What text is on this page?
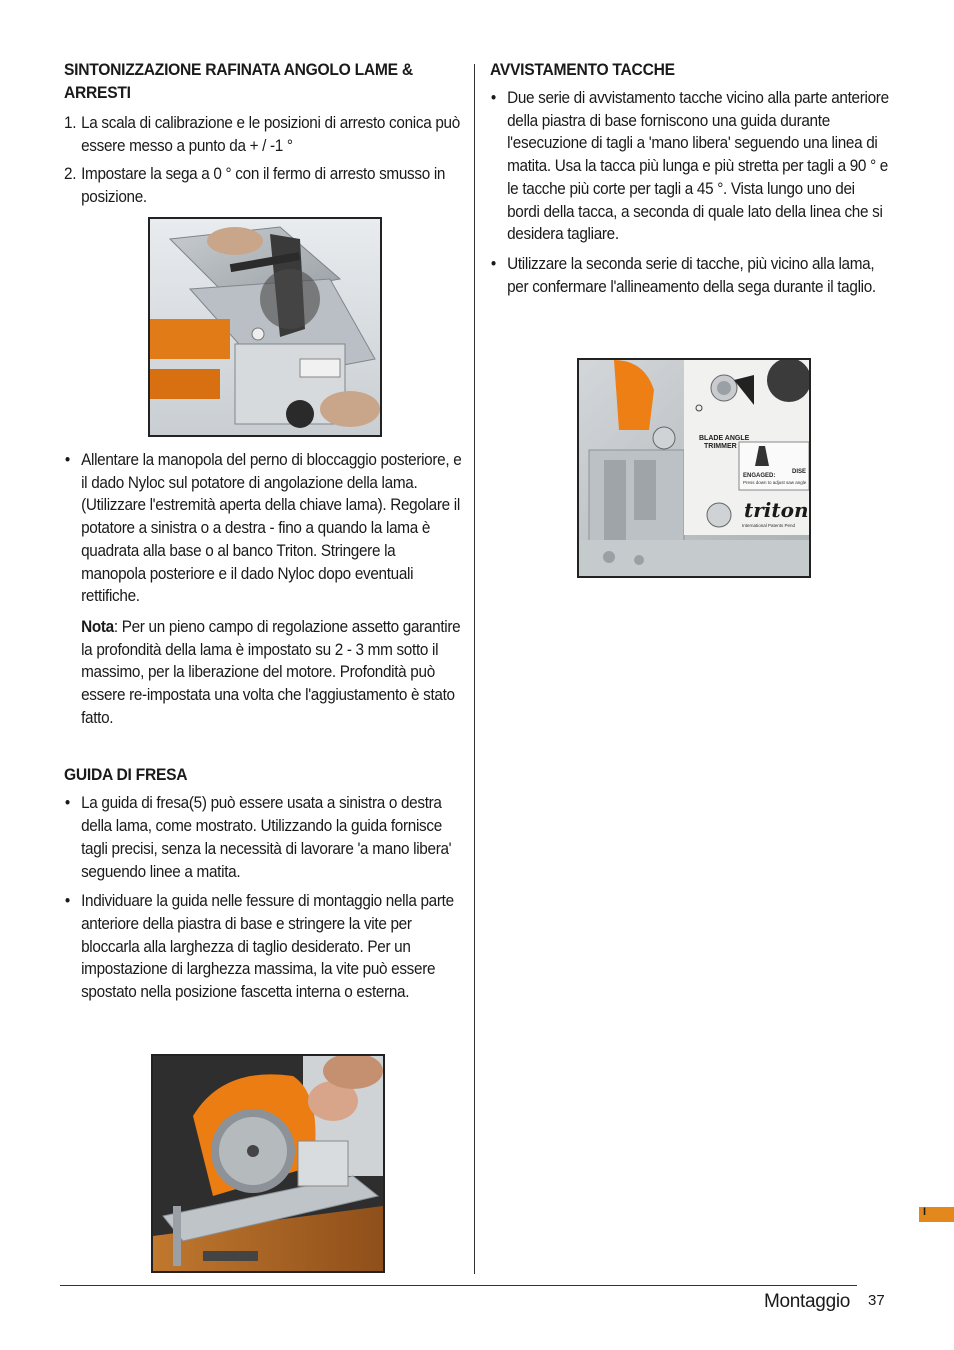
SINTONIZZAZIONE RAFINATA ANGOLO LAME & ARRESTI
1. La scala di calibrazione e le posizioni di arresto conica può essere messo a punto da + / -1 °
2. Impostare la sega a 0 ° con il fermo di arresto smusso in posizione.
• Allentare la manopola del perno di bloccaggio posteriore, e il dado Nyloc sul potatore di angolazione della lama. (Utilizzare l'estremità aperta della chiave lama). Regolare il potatore a sinistra o a destra - fino a quando la lama è quadrata alla base o al banco Triton. Stringere la manopola posteriore e il dado Nyloc dopo eventuali rettifiche.

Nota: Per un pieno campo di regolazione assetto garantire la profondità della lama è impostato su 2 - 3 mm sotto il massimo, per la liberazione del motore. Profondità può essere re-impostata una volta che l'aggiustamento è stato fatto.

GUIDA DI FRESA
• La guida di fresa(5) può essere usata a sinistra o destra della lama, come mostrato. Utilizzando la guida fornisce tagli precisi, senza la necessità di lavorare 'a mano libera' seguendo linee a matita.
• Individuare la guida nelle fessure di montaggio nella parte anteriore della piastra di base e stringere la vite per bloccarla alla larghezza di taglio desiderato. Per un impostazione di larghezza massima, la vite può essere spostato nella posizione fascetta interna o esterna.
AVVISTAMENTO TACCHE
• Due serie di avvistamento tacche vicino alla parte anteriore della piastra di base forniscono una guida durante l'esecuzione di tagli a 'mano libera' seguendo una linea di matita. Usa la tacca più lunga e più stretta per tagli a 90 ° e le tacche più corte per tagli a 45 °. Vista lungo uno dei bordi della tacca, a seconda di quale lato della linea che si desidera tagliare.
• Utilizzare la seconda serie di tacche, più vicino alla lama, per confermare l'allineamento della sega durante il taglio.
BLADE ANGLE
TRIMMER
ENGAGED:
Press down to adjust saw angle
DISE
triton
International Patents Pend
I
Montaggio 37
